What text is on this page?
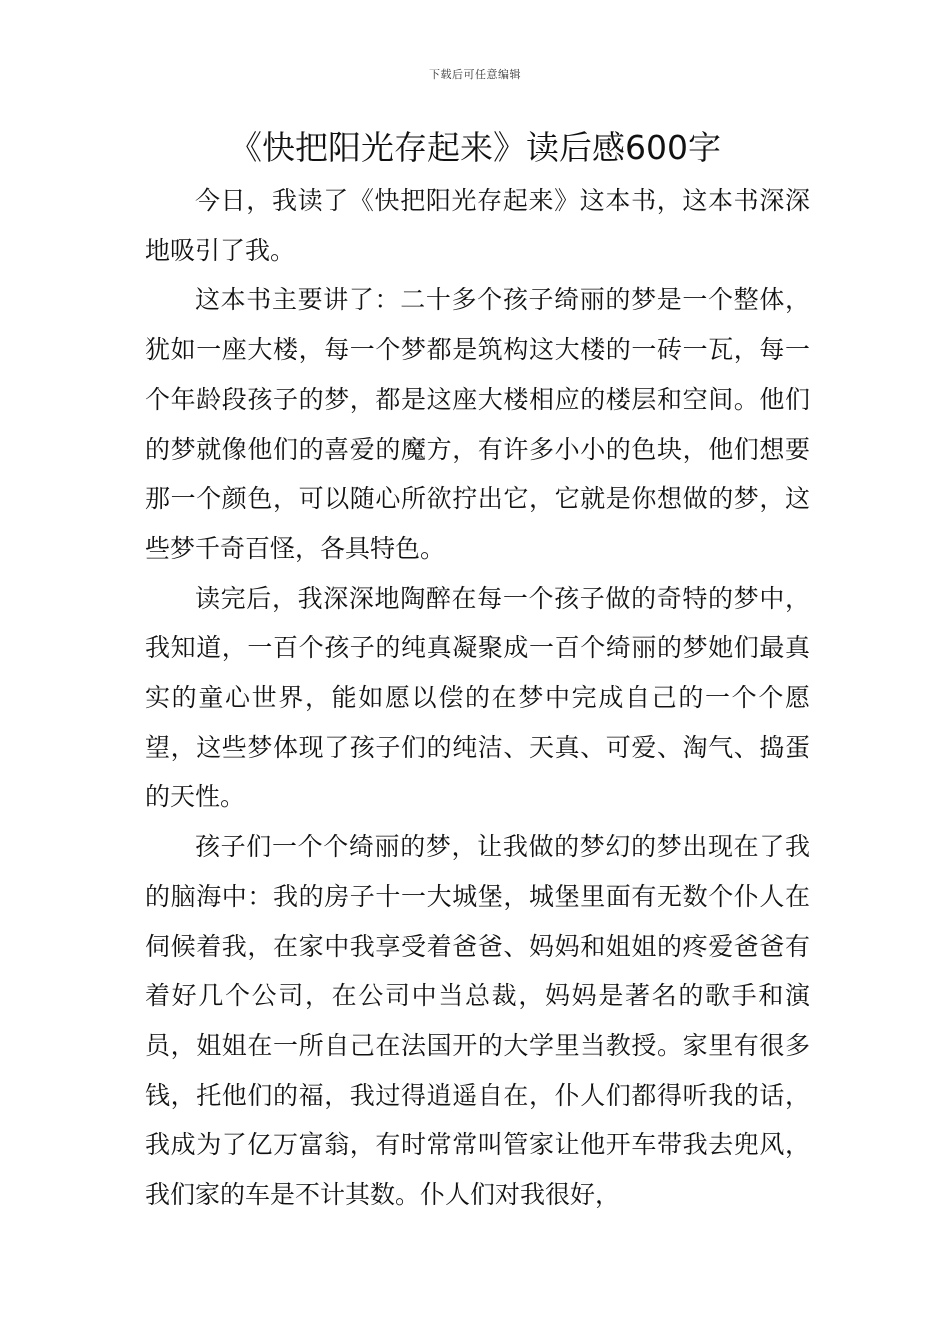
下载后可任意编辑
《快把阳光存起来》读后感600字

今日，我读了《快把阳光存起来》这本书，这本书深深地吸引了我。

这本书主要讲了：二十多个孩子绮丽的梦是一个整体，犹如一座大楼，每一个梦都是筑构这大楼的一砖一瓦，每一个年龄段孩子的梦，都是这座大楼相应的楼层和空间。他们的梦就像他们的喜爱的魔方，有许多小小的色块，他们想要那一个颜色，可以随心所欲拧出它，它就是你想做的梦，这些梦千奇百怪，各具特色。

读完后，我深深地陶醉在每一个孩子做的奇特的梦中，我知道，一百个孩子的纯真凝聚成一百个绮丽的梦她们最真实的童心世界，能如愿以偿的在梦中完成自己的一个个愿望，这些梦体现了孩子们的纯洁、天真、可爱、淘气、捣蛋的天性。

孩子们一个个绮丽的梦，让我做的梦幻的梦出现在了我的脑海中：我的房子十一大城堡，城堡里面有无数个仆人在伺候着我，在家中我享受着爸爸、妈妈和姐姐的疼爱爸爸有着好几个公司，在公司中当总裁，妈妈是著名的歌手和演员，姐姐在一所自己在法国开的大学里当教授。家里有很多钱，托他们的福，我过得逍遥自在，仆人们都得听我的话，我成为了亿万富翁，有时常常叫管家让他开车带我去兜风，我们家的车是不计其数。仆人们对我很好，
